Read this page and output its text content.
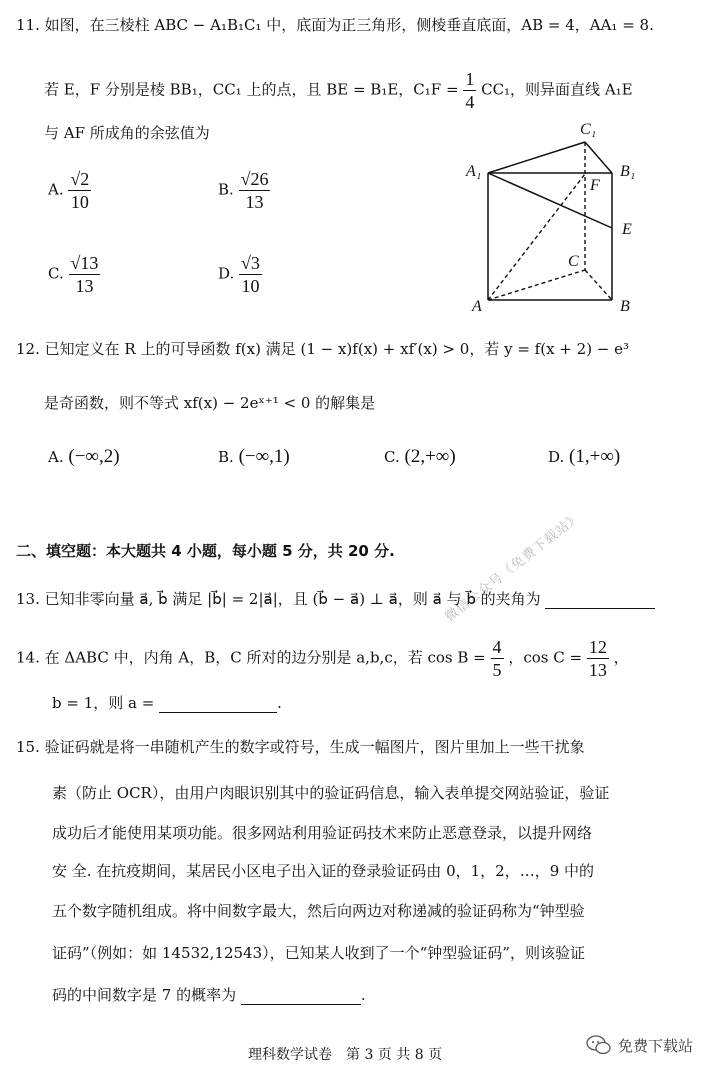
11. 如图，在三棱柱 ABC − A₁B₁C₁ 中，底面为正三角形，侧棱垂直底面，AB = 4，AA₁ = 8.
若 E，F 分别是棱 BB₁，CC₁ 上的点，且 BE = B₁E，$C_1F = \frac{1}{4} CC_1$，则异面直线 A₁E
与 AF 所成角的余弦值为
A. $\frac{√2}{10}$	B. $\frac{√26}{13}$
C. $\frac{√13}{13}$	D. $\frac{√3}{10}$
C₁
A₁	B₁
F
E
C
A	B
12. 已知定义在 R 上的可导函数 f(x) 满足 (1 − x)f(x) + xf′(x) > 0，若 y = f(x + 2) − e³
是奇函数，则不等式 xf(x) − 2eˣ⁺¹ < 0 的解集是
A. (−∞,2)	B. (−∞,1)	C. (2,+∞)	D. (1,+∞)
二、填空题：本大题共 4 小题，每小题 5 分，共 20 分.	微信公众号《免费下载站》
13. 已知非零向量 a⃗, b⃗ 满足 |b⃗| = 2|a⃗|，且 (b⃗ − a⃗) ⊥ a⃗，则 a⃗ 与 b⃗ 的夹角为
14. 在 ΔABC 中，内角 A，B，C 所对的边分别是 a,b,c，若 $\cos B = \frac{4}{5}$ ，$\cos C = \frac{12}{13}$ ，
b = 1，则 a =	.
15. 验证码就是将一串随机产生的数字或符号，生成一幅图片，图片里加上一些干扰象
素（防止 OCR），由用户肉眼识别其中的验证码信息，输入表单提交网站验证，验证
成功后才能使用某项功能。很多网站利用验证码技术来防止恶意登录，以提升网络
安 全. 在抗疫期间，某居民小区电子出入证的登录验证码由 0，1，2，…，9 中的
五个数字随机组成。将中间数字最大，然后向两边对称递减的验证码称为“钟型验
证码”（例如：如 14532,12543），已知某人收到了一个“钟型验证码”，则该验证
码的中间数字是 7 的概率为	.
理科数学试卷　第 3 页 共 8 页
免费下载站
